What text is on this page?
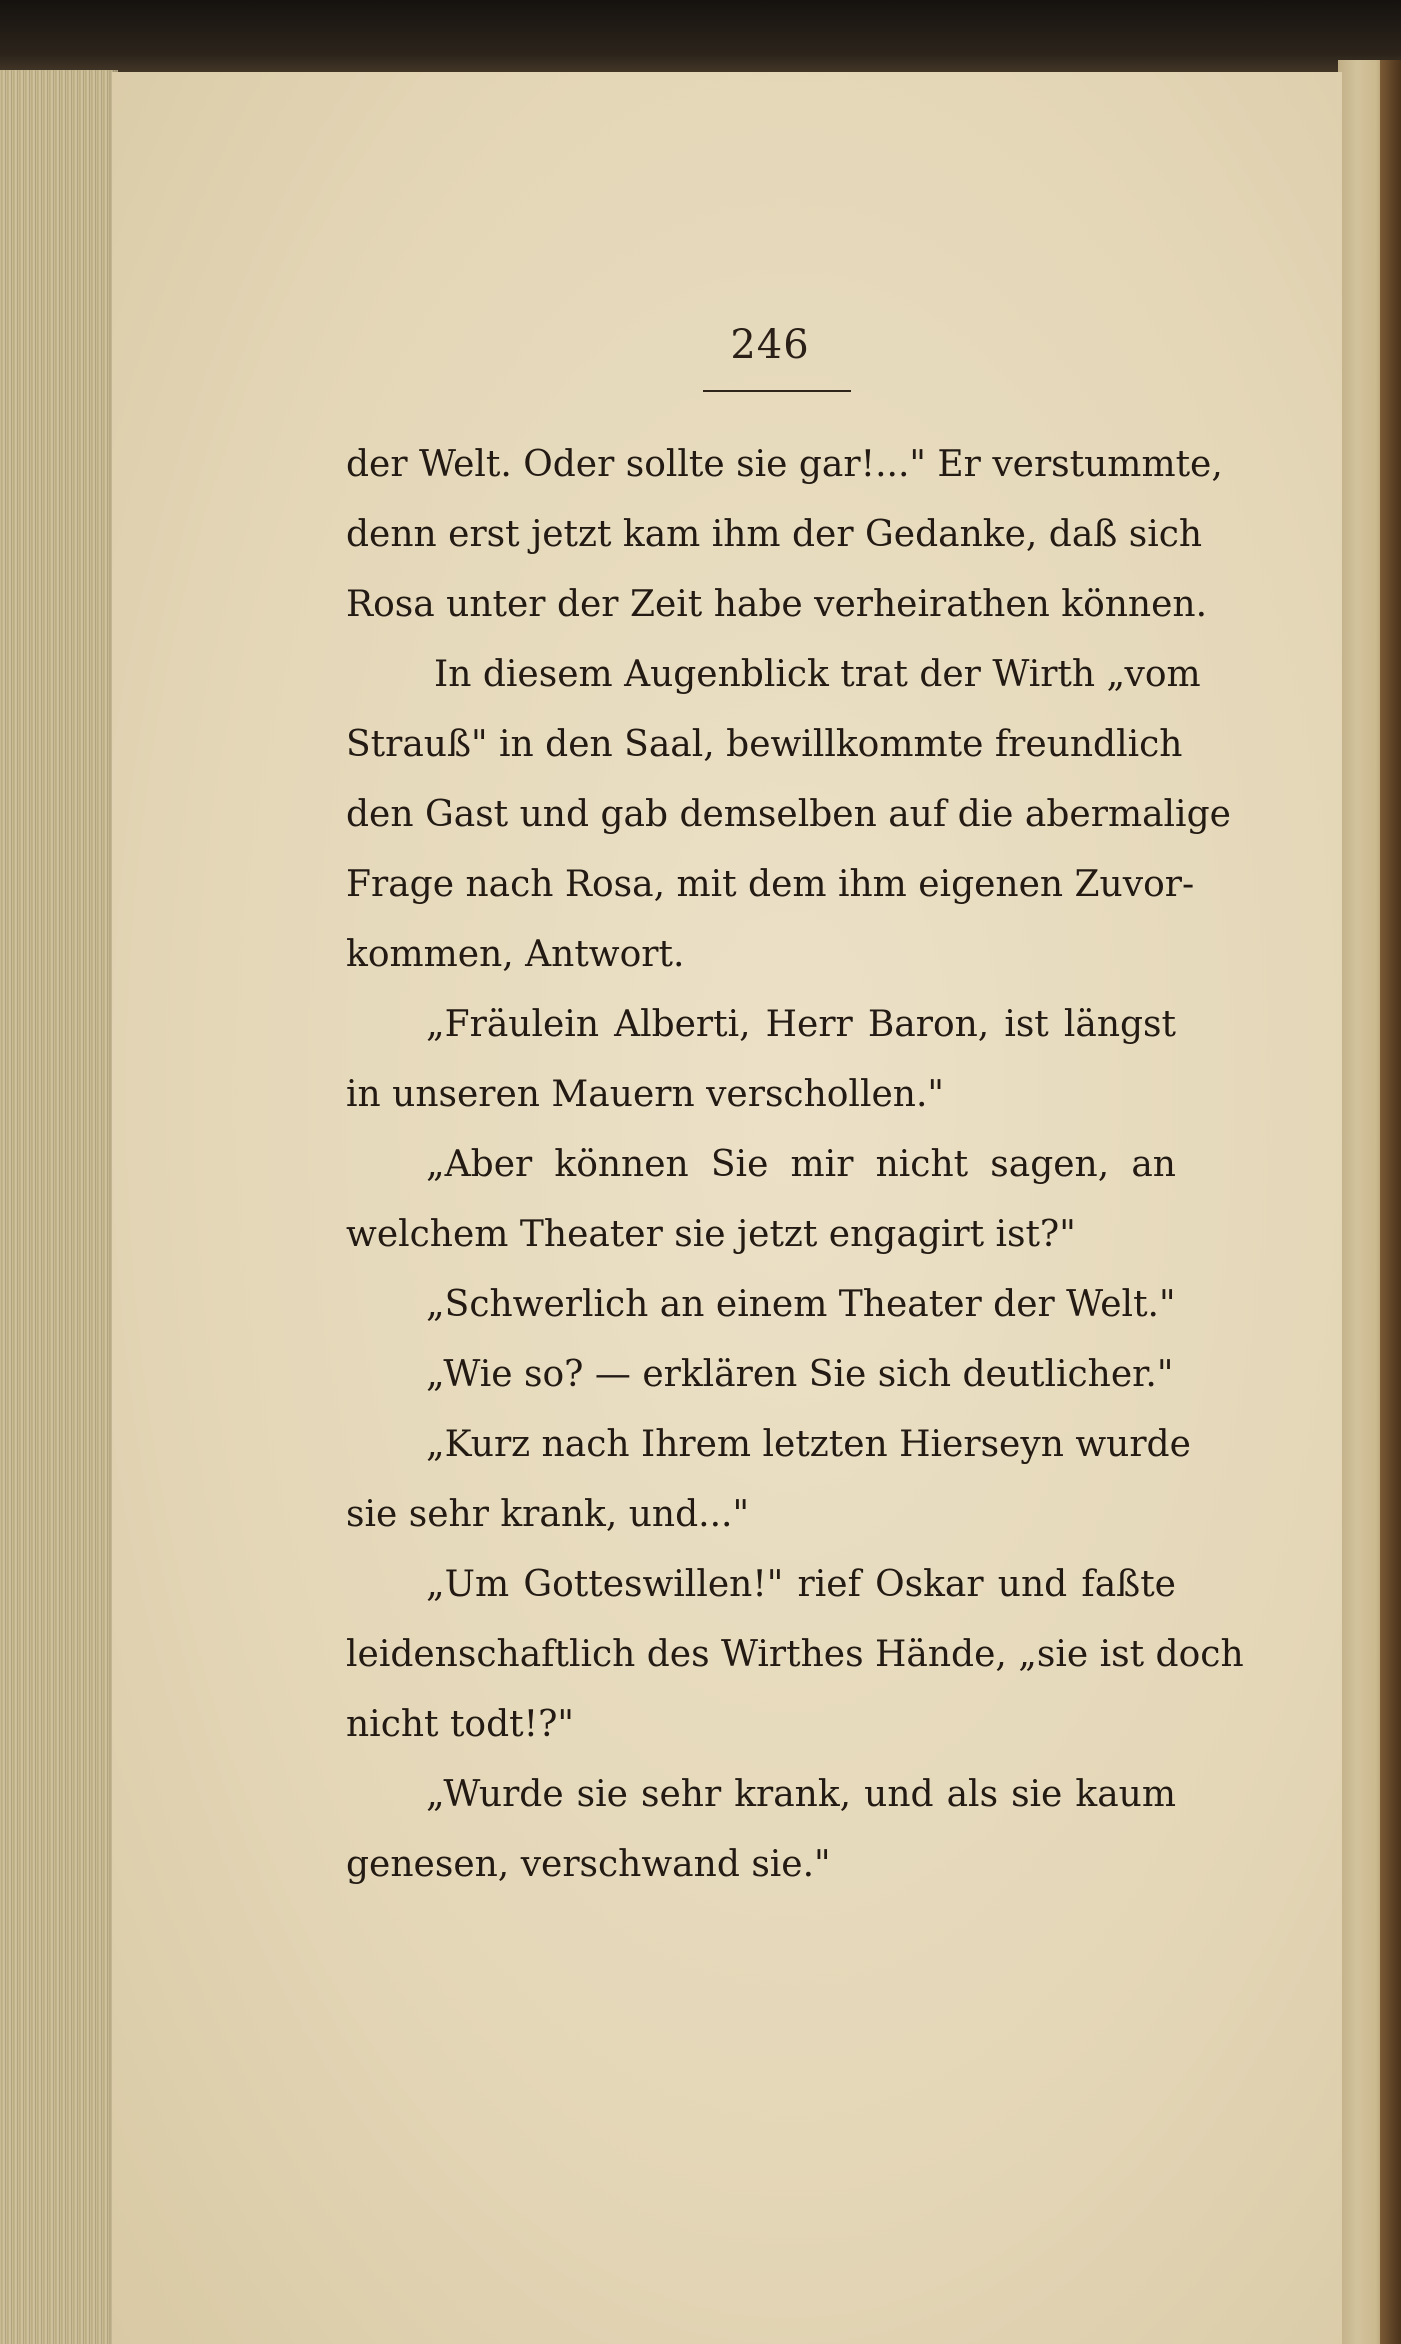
246
der Welt. Oder sollte sie gar!..." Er verstummte,
denn erst jetzt kam ihm der Gedanke, daß sich
Rosa unter der Zeit habe verheirathen können.
In diesem Augenblick trat der Wirth „vom
Strauß" in den Saal, bewillkommte freundlich
den Gast und gab demselben auf die abermalige
Frage nach Rosa, mit dem ihm eigenen Zuvor-
kommen, Antwort.
„Fräulein Alberti, Herr Baron, ist längst
in unseren Mauern verschollen."
„Aber können Sie mir nicht sagen, an
welchem Theater sie jetzt engagirt ist?"
„Schwerlich an einem Theater der Welt."
„Wie so? — erklären Sie sich deutlicher."
„Kurz nach Ihrem letzten Hierseyn wurde
sie sehr krank, und..."
„Um Gotteswillen!" rief Oskar und faßte
leidenschaftlich des Wirthes Hände, „sie ist doch
nicht todt!?"
„Wurde sie sehr krank, und als sie kaum
genesen, verschwand sie."
